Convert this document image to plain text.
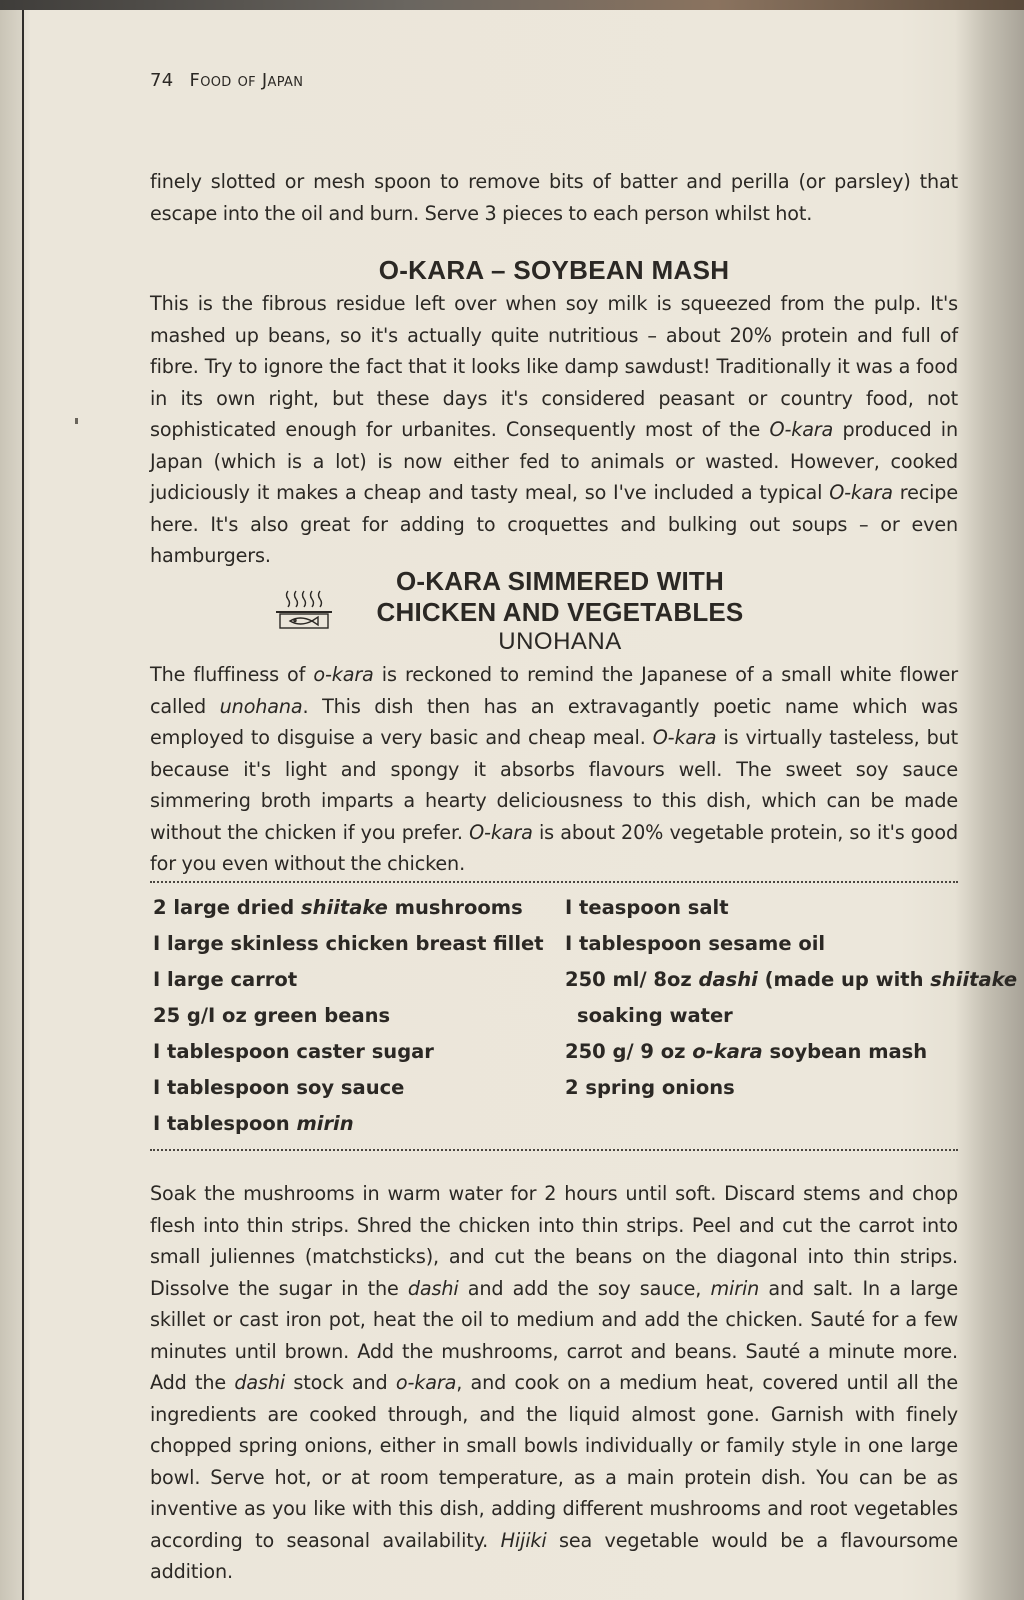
74 Food of Japan

finely slotted or mesh spoon to remove bits of batter and perilla (or parsley) that escape into the oil and burn. Serve 3 pieces to each person whilst hot.

O-KARA – SOYBEAN MASH

This is the fibrous residue left over when soy milk is squeezed from the pulp. It's mashed up beans, so it's actually quite nutritious – about 20% protein and full of fibre. Try to ignore the fact that it looks like damp sawdust! Traditionally it was a food in its own right, but these days it's considered peasant or country food, not sophisticated enough for urbanites. Consequently most of the O-kara produced in Japan (which is a lot) is now either fed to animals or wasted. However, cooked judiciously it makes a cheap and tasty meal, so I've included a typical O-kara recipe here. It's also great for adding to croquettes and bulking out soups – or even hamburgers.

O-KARA SIMMERED WITH
CHICKEN AND VEGETABLES
UNOHANA

The fluffiness of o-kara is reckoned to remind the Japanese of a small white flower called unohana. This dish then has an extravagantly poetic name which was employed to disguise a very basic and cheap meal. O-kara is virtually tasteless, but because it's light and spongy it absorbs flavours well. The sweet soy sauce simmering broth imparts a hearty deliciousness to this dish, which can be made without the chicken if you prefer. O-kara is about 20% vegetable protein, so it's good for you even without the chicken.

2 large dried shiitake mushrooms
I large skinless chicken breast fillet
I large carrot
25 g/I oz green beans
I tablespoon caster sugar
I tablespoon soy sauce
I tablespoon mirin
I teaspoon salt
I tablespoon sesame oil
250 ml/ 8oz dashi (made up with shiitake
soaking water
250 g/ 9 oz o-kara soybean mash
2 spring onions

Soak the mushrooms in warm water for 2 hours until soft. Discard stems and chop flesh into thin strips. Shred the chicken into thin strips. Peel and cut the carrot into small juliennes (matchsticks), and cut the beans on the diagonal into thin strips. Dissolve the sugar in the dashi and add the soy sauce, mirin and salt. In a large skillet or cast iron pot, heat the oil to medium and add the chicken. Sauté for a few minutes until brown. Add the mushrooms, carrot and beans. Sauté a minute more. Add the dashi stock and o-kara, and cook on a medium heat, covered until all the ingredients are cooked through, and the liquid almost gone. Garnish with finely chopped spring onions, either in small bowls individually or family style in one large bowl. Serve hot, or at room temperature, as a main protein dish. You can be as inventive as you like with this dish, adding different mushrooms and root vegetables according to seasonal availability. Hijiki sea vegetable would be a flavoursome addition.
